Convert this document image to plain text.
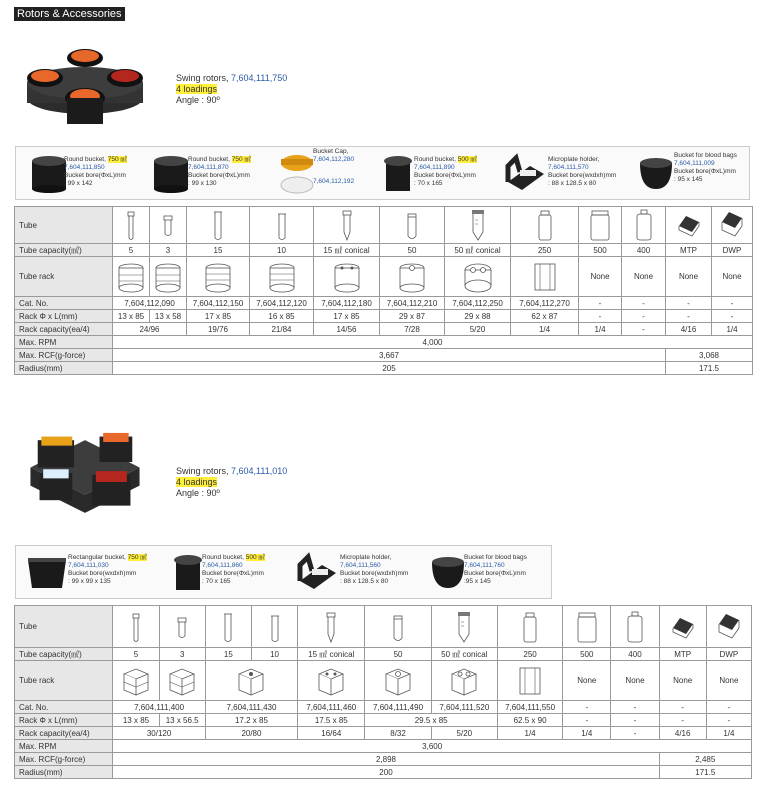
Rotors & Accessories
Swing rotors, 7,604,111,750
4 loadings
Angle : 90º
Round bucket, 750 ㎖
7,604,111,850
Bucket bore(ΦxL)mm
: 99 x 142
Round bucket, 750 ㎖
7,604,111,870
Bucket bore(ΦxL)mm
: 99 x 130
Bucket Cap,
7,604,112,280
7,604,112,192
Round bucket, 500 ㎖
7,604,111,890
Bucket bore(ΦxL)mm
: 70 x 165
Microplate holder,
7,604,111,570
Bucket bore(wxdxh)mm
: 88 x 128.5 x 80
Bucket for blood bags
7,604,111,009
Bucket bore(ΦxL)mm
: 95 x 145
Tube	

Tube capacity(㎖)	5	3	15	10	15 ㎖ conical	50	50 ㎖ conical	250	500	400	MTP	DWP
Tube rack									None	None	None	None
Cat. No.	7,604,112,090		7,604,112,150	7,604,112,120	7,604,112,180	7,604,112,210	7,604,112,250	7,604,112,270	-	-	-	-
Rack Φ x L(mm)	13 x 85	13 x 58	17 x 85	16 x 85	17 x 85	29 x 87	29 x 88	62 x 87	-	-	-	-
Rack capacity(ea/4)	24/96		19/76	21/84	14/56	7/28	5/20	1/4	1/4	-	4/16	1/4
Max. RPM	4,000											
Max. RCF(g-force)	3,667										3,068	
Radius(mm)	205										171.5	
Swing rotors, 7,604,111,010
4 loadings
Angle : 90º
Rectangular bucket, 750 ㎖
7,604,111,030
Bucket bore(wxdxh)mm
: 99 x 99 x 135
Round bucket, 500 ㎖
7,604,111,860
Bucket bore(ΦxL)mm
: 70 x 165
Microplate holder,
7,604,111,560
Bucket bore(wxdxh)mm
: 88 x 128.5 x 80
Bucket for blood bags
7,604,111,760
Bucket bore(ΦxL)mm
:95 x 145
Tube	

Tube capacity(㎖)	5	3	15	10	15 ㎖ conical	50	50 ㎖ conical	250	500	400	MTP	DWP
Tube rack									None	None	None	None
Cat. No.	7,604,111,400		7,604,111,430		7,604,111,460	7,604,111,490	7,604,111,520	7,604,111,550	-	-	-	-
Rack Φ x L(mm)	13 x 85	13 x 56.5	17.2 x 85		17.5 x 85	29.5 x 85		62.5 x 90	-	-	-	-
Rack capacity(ea/4)	30/120		20/80		16/64	8/32	5/20	1/4	1/4	-	4/16	1/4
Max. RPM	3,600											
Max. RCF(g-force)	2,898										2,485	
Radius(mm)	200										171.5	
